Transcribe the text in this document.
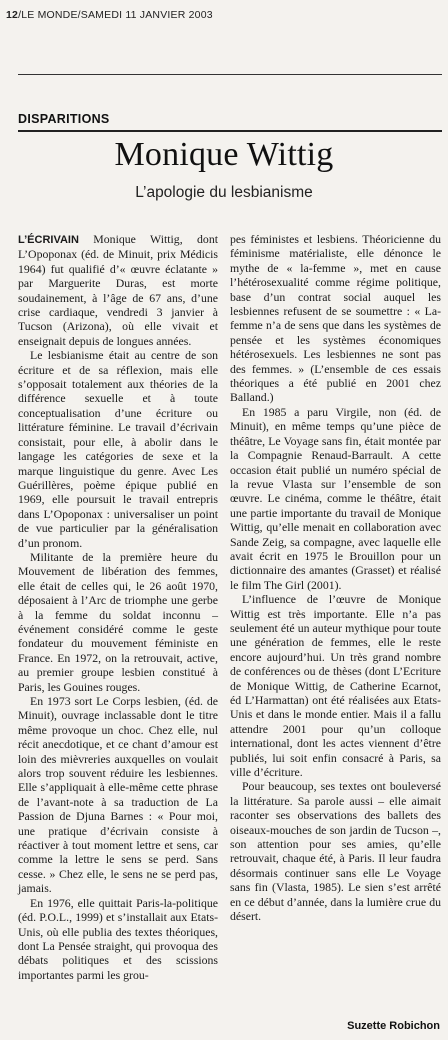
12/LE MONDE/SAMEDI 11 JANVIER 2003
DISPARITIONS
Monique Wittig
L’apologie du lesbianisme

L’ÉCRIVAIN Monique Wittig, dont L’Opoponax (éd. de Minuit, prix Médicis 1964) fut qualifié d’« œuvre éclatante » par Marguerite Duras, est morte soudainement, à l’âge de 67 ans, d’une crise cardiaque, vendredi 3 janvier à Tucson (Arizona), où elle vivait et enseignait depuis de longues années.

Le lesbianisme était au centre de son écriture et de sa réflexion, mais elle s’opposait totalement aux théories de la différence sexuelle et à toute conceptualisation d’une écriture ou littérature féminine. Le travail d’écrivain consistait, pour elle, à abolir dans le langage les catégories de sexe et la marque linguistique du genre. Avec Les Guérillères, poème épique publié en 1969, elle poursuit le travail entrepris dans L’Opoponax : universaliser un point de vue particulier par la généralisation d’un pronom.

Militante de la première heure du Mouvement de libération des femmes, elle était de celles qui, le 26 août 1970, déposaient à l’Arc de triomphe une gerbe à la femme du soldat inconnu – événement considéré comme le geste fondateur du mouvement féministe en France. En 1972, on la retrouvait, active, au premier groupe lesbien constitué à Paris, les Gouines rouges.

En 1973 sort Le Corps lesbien, (éd. de Minuit), ouvrage inclassable dont le titre même provoque un choc. Chez elle, nul récit anecdotique, et ce chant d’amour est loin des mièvreries auxquelles on voulait alors trop souvent réduire les lesbiennes. Elle s’appliquait à elle-même cette phrase de l’avant-note à sa traduction de La Passion de Djuna Barnes : « Pour moi, une pratique d’écrivain consiste à réactiver à tout moment lettre et sens, car comme la lettre le sens se perd. Sans cesse. » Chez elle, le sens ne se perd pas, jamais.

En 1976, elle quittait Paris-la-politique (éd. P.O.L., 1999) et s’installait aux Etats-Unis, où elle publia des textes théoriques, dont La Pensée straight, qui provoqua des débats politiques et des scissions importantes parmi les grou-

pes féministes et lesbiens. Théoricienne du féminisme matérialiste, elle dénonce le mythe de « la-femme », met en cause l’hétérosexualité comme régime politique, base d’un contrat social auquel les lesbiennes refusent de se soumettre : « La-femme n’a de sens que dans les systèmes de pensée et les systèmes économiques hétérosexuels. Les lesbiennes ne sont pas des femmes. » (L’ensemble de ces essais théoriques a été publié en 2001 chez Balland.)

En 1985 a paru Virgile, non (éd. de Minuit), en même temps qu’une pièce de théâtre, Le Voyage sans fin, était montée par la Compagnie Renaud-Barrault. A cette occasion était publié un numéro spécial de la revue Vlasta sur l’ensemble de son œuvre. Le cinéma, comme le théâtre, était une partie importante du travail de Monique Wittig, qu’elle menait en collaboration avec Sande Zeig, sa compagne, avec laquelle elle avait écrit en 1975 le Brouillon pour un dictionnaire des amantes (Grasset) et réalisé le film The Girl (2001).

L’influence de l’œuvre de Monique Wittig est très importante. Elle n’a pas seulement été un auteur mythique pour toute une génération de femmes, elle le reste encore aujourd’hui. Un très grand nombre de conférences ou de thèses (dont L’Ecriture de Monique Wittig, de Catherine Ecarnot, éd L’Harmattan) ont été réalisées aux Etats-Unis et dans le monde entier. Mais il a fallu attendre 2001 pour qu’un colloque international, dont les actes viennent d’être publiés, lui soit enfin consacré à Paris, sa ville d’écriture.

Pour beaucoup, ses textes ont bouleversé la littérature. Sa parole aussi – elle aimait raconter ses observations des ballets des oiseaux-mouches de son jardin de Tucson –, son attention pour ses amies, qu’elle retrouvait, chaque été, à Paris. Il leur faudra désormais continuer sans elle Le Voyage sans fin (Vlasta, 1985). Le sien s’est arrêté en ce début d’année, dans la lumière crue du désert.

Suzette Robichon
